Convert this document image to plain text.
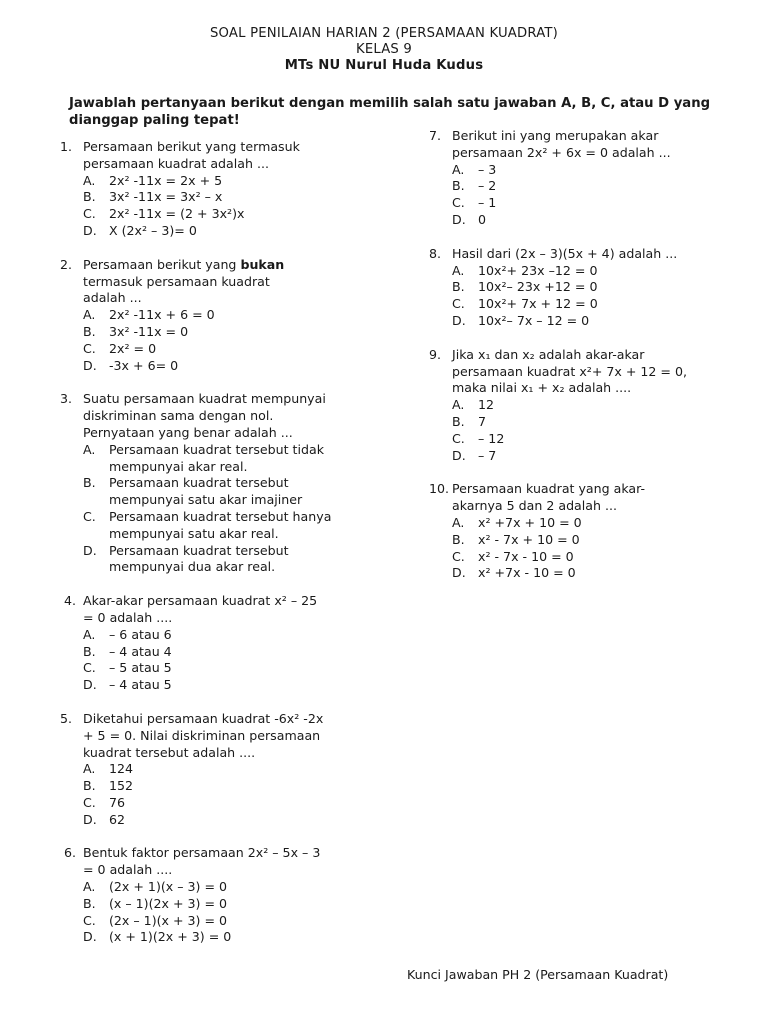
SOAL PENILAIAN HARIAN 2 (PERSAMAAN KUADRAT)
KELAS 9
MTs NU Nurul Huda Kudus
Jawablah pertanyaan berikut dengan memilih salah satu jawaban A, B, C, atau D yang dianggap paling tepat!
1. Persamaan berikut yang termasuk
persamaan kuadrat adalah ...
A.	2x² -11x = 2x + 5
B.	3x² -11x = 3x² – x
C.	2x² -11x = (2 + 3x²)x
D. X (2x² – 3)= 0
2. Persamaan berikut yang bukan
termasuk persamaan kuadrat
adalah ...
A.	2x² -11x + 6 = 0
B.	3x² -11x = 0
C.	2x² = 0
D. -3x + 6= 0
3. Suatu persamaan kuadrat mempunyai
diskriminan sama dengan nol.
Pernyataan yang benar adalah ...
A.	Persamaan kuadrat tersebut tidak
mempunyai akar real.
B.	Persamaan kuadrat tersebut
mempunyai satu akar imajiner
C.	Persamaan kuadrat tersebut hanya
mempunyai satu akar real.
D. Persamaan kuadrat tersebut
mempunyai dua akar real.
4. Akar-akar persamaan kuadrat x² – 25
= 0 adalah ....
A.	– 6 atau 6
B.	– 4 atau 4
C.	– 5 atau 5
D. – 4 atau 5
5. Diketahui persamaan kuadrat -6x² -2x
+ 5 = 0. Nilai diskriminan persamaan
kuadrat tersebut adalah ....
A.	124
B.	152
C.	76
D. 62
6. Bentuk faktor persamaan 2x² – 5x – 3
= 0 adalah ....
A.	(2x + 1)(x – 3) = 0
B.	(x – 1)(2x + 3) = 0
C.	(2x – 1)(x + 3) = 0
D. (x + 1)(2x + 3) = 0
7. Berikut ini yang merupakan akar
persamaan 2x² + 6x = 0 adalah ...
A.	– 3
B.	– 2
C.	– 1
D. 0
8. Hasil dari (2x – 3)(5x + 4) adalah ...
A.	10x²+ 23x –12 = 0
B.	10x²– 23x +12 = 0
C.	10x²+ 7x + 12 = 0
D. 10x²– 7x – 12 = 0
9. Jika x₁ dan x₂ adalah akar-akar
persamaan kuadrat x²+ 7x + 12 = 0,
maka nilai x₁ + x₂ adalah ....
A.	12
B.	7
C.	– 12
D. – 7
10. Persamaan kuadrat yang akar-
akarnya 5 dan 2 adalah ...
A.	x² +7x + 10 = 0
B.	x² - 7x + 10 = 0
C.	x² - 7x - 10 = 0
D. x² +7x - 10 = 0
Kunci Jawaban PH 2 (Persamaan Kuadrat)
